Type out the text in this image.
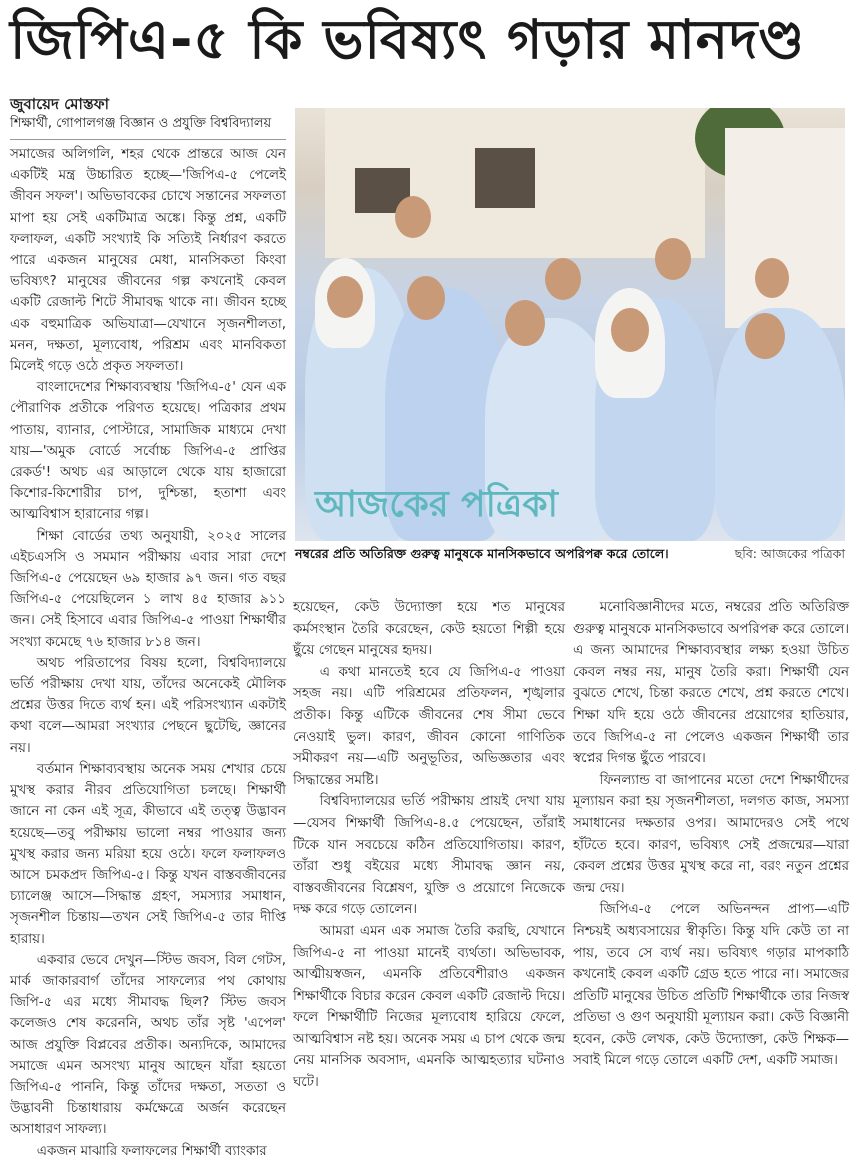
জিপিএ-৫ কি ভবিষ্যৎ গড়ার মানদণ্ড
জুবায়েদ মোস্তফা
শিক্ষার্থী, গোপালগঞ্জ বিজ্ঞান ও প্রযুক্তি বিশ্ববিদ্যালয়

সমাজের অলিগলি, শহর থেকে প্রান্তরে আজ যেন একটিই মন্ত্র উচ্চারিত হচ্ছে—'জিপিএ-৫ পেলেই জীবন সফল'। অভিভাবকের চোখে সন্তানের সফলতা মাপা হয় সেই একটিমাত্র অঙ্কে। কিন্তু প্রশ্ন, একটি ফলাফল, একটি সংখ্যাই কি সত্যিই নির্ধারণ করতে পারে একজন মানুষের মেধা, মানসিকতা কিংবা ভবিষ্যৎ? মানুষের জীবনের গল্প কখনোই কেবল একটি রেজাল্ট শিটে সীমাবদ্ধ থাকে না। জীবন হচ্ছে এক বহুমাত্রিক অভিযাত্রা—যেখানে সৃজনশীলতা, মনন, দক্ষতা, মূল্যবোধ, পরিশ্রম এবং মানবিকতা মিলেই গড়ে ওঠে প্রকৃত সফলতা।

বাংলাদেশের শিক্ষাব্যবস্থায় 'জিপিএ-৫' যেন এক পৌরাণিক প্রতীকে পরিণত হয়েছে। পত্রিকার প্রথম পাতায়, ব্যানার, পোস্টারে, সামাজিক মাধ্যমে দেখা যায়—'অমুক বোর্ডে সর্বোচ্চ জিপিএ-৫ প্রাপ্তির রেকর্ড'! অথচ এর আড়ালে থেকে যায় হাজারো কিশোর-কিশোরীর চাপ, দুশ্চিন্তা, হতাশা এবং আত্মবিশ্বাস হারানোর গল্প।

শিক্ষা বোর্ডের তথ্য অনুযায়ী, ২০২৫ সালের এইচএসসি ও সমমান পরীক্ষায় এবার সারা দেশে জিপিএ-৫ পেয়েছেন ৬৯ হাজার ৯৭ জন। গত বছর জিপিএ-৫ পেয়েছিলেন ১ লাখ ৪৫ হাজার ৯১১ জন। সেই হিসাবে এবার জিপিএ-৫ পাওয়া শিক্ষার্থীর সংখ্যা কমেছে ৭৬ হাজার ৮১৪ জন।

অথচ পরিতাপের বিষয় হলো, বিশ্ববিদ্যালয়ে ভর্তি পরীক্ষায় দেখা যায়, তাঁদের অনেকেই মৌলিক প্রশ্নের উত্তর দিতে ব্যর্থ হন। এই পরিসংখ্যান একটাই কথা বলে—আমরা সংখ্যার পেছনে ছুটেছি, জ্ঞানের নয়।

বর্তমান শিক্ষাব্যবস্থায় অনেক সময় শেখার চেয়ে মুখস্থ করার নীরব প্রতিযোগিতা চলছে। শিক্ষার্থী জানে না কেন এই সূত্র, কীভাবে এই তত্ত্ব উদ্ভাবন হয়েছে—তবু পরীক্ষায় ভালো নম্বর পাওয়ার জন্য মুখস্থ করার জন্য মরিয়া হয়ে ওঠে। ফলে ফলাফলও আসে চমকপ্রদ জিপিএ-৫। কিন্তু যখন বাস্তবজীবনের চ্যালেঞ্জ আসে—সিদ্ধান্ত গ্রহণ, সমস্যার সমাধান, সৃজনশীল চিন্তায়—তখন সেই জিপিএ-৫ তার দীপ্তি হারায়।

একবার ভেবে দেখুন—স্টিভ জবস, বিল গেটস, মার্ক জাকারবার্গ তাঁদের সাফল্যের পথ কোথায় জিপি-৫ এর মধ্যে সীমাবদ্ধ ছিল? স্টিভ জবস কলেজও শেষ করেননি, অথচ তাঁর সৃষ্ট 'এপেল' আজ প্রযুক্তি বিপ্লবের প্রতীক। অন্যদিকে, আমাদের সমাজে এমন অসংখ্য মানুষ আছেন যাঁরা হয়তো জিপিএ-৫ পাননি, কিন্তু তাঁদের দক্ষতা, সততা ও উদ্ভাবনী চিন্তাধারায় কর্মক্ষেত্রে অর্জন করেছেন অসাধারণ সাফল্য।

একজন মাঝারি ফলাফলের শিক্ষার্থী ব্যাংকার

আজকের পত্রিকা
ছবি: আজকের পত্রিকা
নম্বরের প্রতি অতিরিক্ত গুরুত্ব মানুষকে মানসিকভাবে অপরিপক্ব করে তোলে।

হয়েছেন, কেউ উদ্যোক্তা হয়ে শত মানুষের কর্মসংস্থান তৈরি করেছেন, কেউ হয়তো শিল্পী হয়ে ছুঁয়ে গেছেন মানুষের হৃদয়।

এ কথা মানতেই হবে যে জিপিএ-৫ পাওয়া সহজ নয়। এটি পরিশ্রমের প্রতিফলন, শৃঙ্খলার প্রতীক। কিন্তু এটিকে জীবনের শেষ সীমা ভেবে নেওয়াই ভুল। কারণ, জীবন কোনো গাণিতিক সমীকরণ নয়—এটি অনুভূতির, অভিজ্ঞতার এবং সিদ্ধান্তের সমষ্টি।

বিশ্ববিদ্যালয়ের ভর্তি পরীক্ষায় প্রায়ই দেখা যায়—যেসব শিক্ষার্থী জিপিএ-৪.৫ পেয়েছেন, তাঁরাই টিকে যান সবচেয়ে কঠিন প্রতিযোগিতায়। কারণ, তাঁরা শুধু বইয়ের মধ্যে সীমাবদ্ধ জ্ঞান নয়, বাস্তবজীবনের বিশ্লেষণ, যুক্তি ও প্রয়োগে নিজেকে দক্ষ করে গড়ে তোলেন।

আমরা এমন এক সমাজ তৈরি করছি, যেখানে জিপিএ-৫ না পাওয়া মানেই ব্যর্থতা। অভিভাবক, আত্মীয়স্বজন, এমনকি প্রতিবেশীরাও একজন শিক্ষার্থীকে বিচার করেন কেবল একটি রেজাল্ট দিয়ে। ফলে শিক্ষার্থীটি নিজের মূল্যবোধ হারিয়ে ফেলে, আত্মবিশ্বাস নষ্ট হয়। অনেক সময় এ চাপ থেকে জন্ম নেয় মানসিক অবসাদ, এমনকি আত্মহত্যার ঘটনাও ঘটে।

মনোবিজ্ঞানীদের মতে, নম্বরের প্রতি অতিরিক্ত গুরুত্ব মানুষকে মানসিকভাবে অপরিপক্ব করে তোলে। এ জন্য আমাদের শিক্ষাব্যবস্থার লক্ষ্য হওয়া উচিত কেবল নম্বর নয়, মানুষ তৈরি করা। শিক্ষার্থী যেন বুঝতে শেখে, চিন্তা করতে শেখে, প্রশ্ন করতে শেখে। শিক্ষা যদি হয়ে ওঠে জীবনের প্রয়োগের হাতিয়ার, তবে জিপিএ-৫ না পেলেও একজন শিক্ষার্থী তার স্বপ্নের দিগন্ত ছুঁতে পারবে।

ফিনল্যান্ড বা জাপানের মতো দেশে শিক্ষার্থীদের মূল্যায়ন করা হয় সৃজনশীলতা, দলগত কাজ, সমস্যা সমাধানের দক্ষতার ওপর। আমাদেরও সেই পথে হাঁটতে হবে। কারণ, ভবিষ্যৎ সেই প্রজন্মের—যারা কেবল প্রশ্নের উত্তর মুখস্থ করে না, বরং নতুন প্রশ্নের জন্ম দেয়।

জিপিএ-৫ পেলে অভিনন্দন প্রাপ্য—এটি নিশ্চয়ই অধ্যবসায়ের স্বীকৃতি। কিন্তু যদি কেউ তা না পায়, তবে সে ব্যর্থ নয়। ভবিষ্যৎ গড়ার মাপকাঠি কখনোই কেবল একটি গ্রেড হতে পারে না। সমাজের প্রতিটি মানুষের উচিত প্রতিটি শিক্ষার্থীকে তার নিজস্ব প্রতিভা ও গুণ অনুযায়ী মূল্যায়ন করা। কেউ বিজ্ঞানী হবেন, কেউ লেখক, কেউ উদ্যোক্তা, কেউ শিক্ষক—সবাই মিলে গড়ে তোলে একটি দেশ, একটি সমাজ।
